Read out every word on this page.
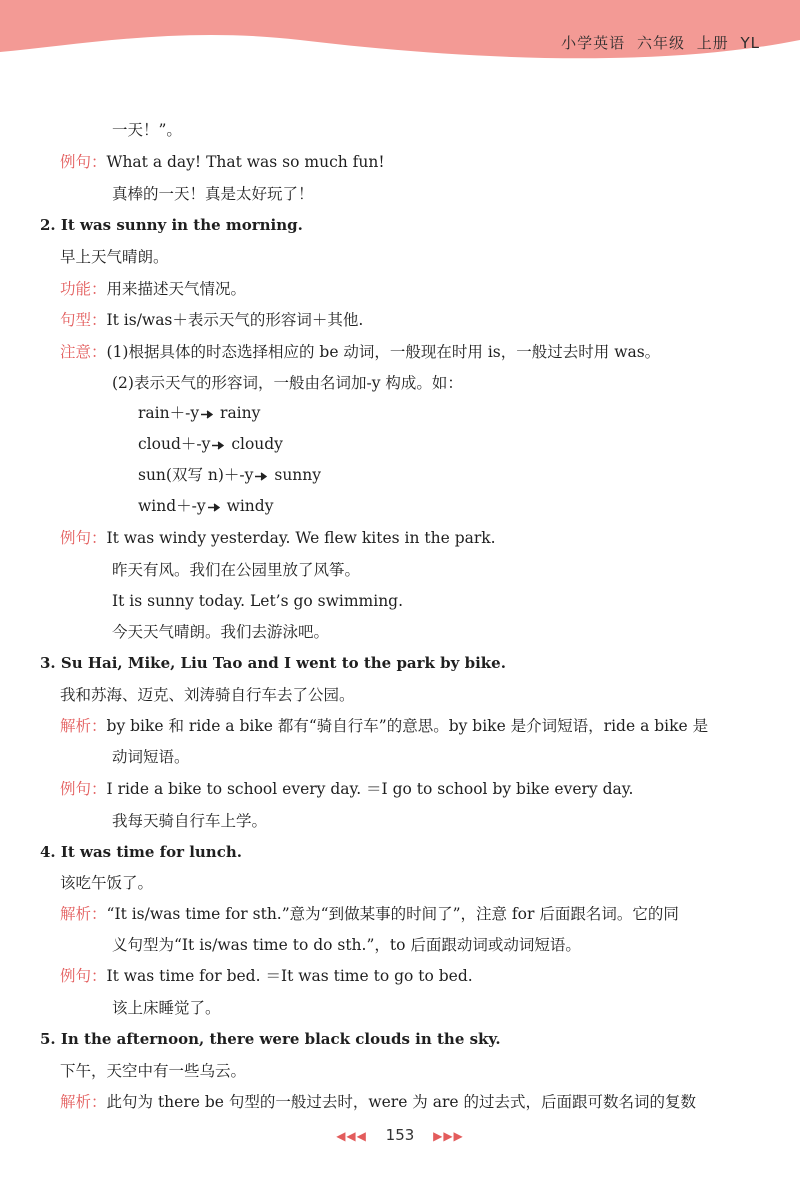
小学英语 六年级 上册 YL
一天！”。
例句：What a day! That was so much fun!
真棒的一天！真是太好玩了！
2. It was sunny in the morning.
早上天气晴朗。
功能：用来描述天气情况。
句型：It is/was＋表示天气的形容词＋其他.
注意：(1)根据具体的时态选择相应的 be 动词，一般现在时用 is，一般过去时用 was。
(2)表示天气的形容词，一般由名词加-y 构成。如：
rain＋-y rainy
cloud＋-y cloudy
sun(双写 n)＋-y sunny
wind＋-y windy
例句：It was windy yesterday. We flew kites in the park.
昨天有风。我们在公园里放了风筝。
It is sunny today. Let’s go swimming.
今天天气晴朗。我们去游泳吧。
3. Su Hai, Mike, Liu Tao and I went to the park by bike.
我和苏海、迈克、刘涛骑自行车去了公园。
解析：by bike 和 ride a bike 都有“骑自行车”的意思。by bike 是介词短语，ride a bike 是
动词短语。
例句：I ride a bike to school every day. ＝I go to school by bike every day.
我每天骑自行车上学。
4. It was time for lunch.
该吃午饭了。
解析：“It is/was time for sth.”意为“到做某事的时间了”，注意 for 后面跟名词。它的同
义句型为“It is/was time to do sth.”，to 后面跟动词或动词短语。
例句：It was time for bed. ＝It was time to go to bed.
该上床睡觉了。
5. In the afternoon, there were black clouds in the sky.
下午，天空中有一些乌云。
解析：此句为 there be 句型的一般过去时，were 为 are 的过去式，后面跟可数名词的复数
◀◀◀ 153 ▶▶▶
